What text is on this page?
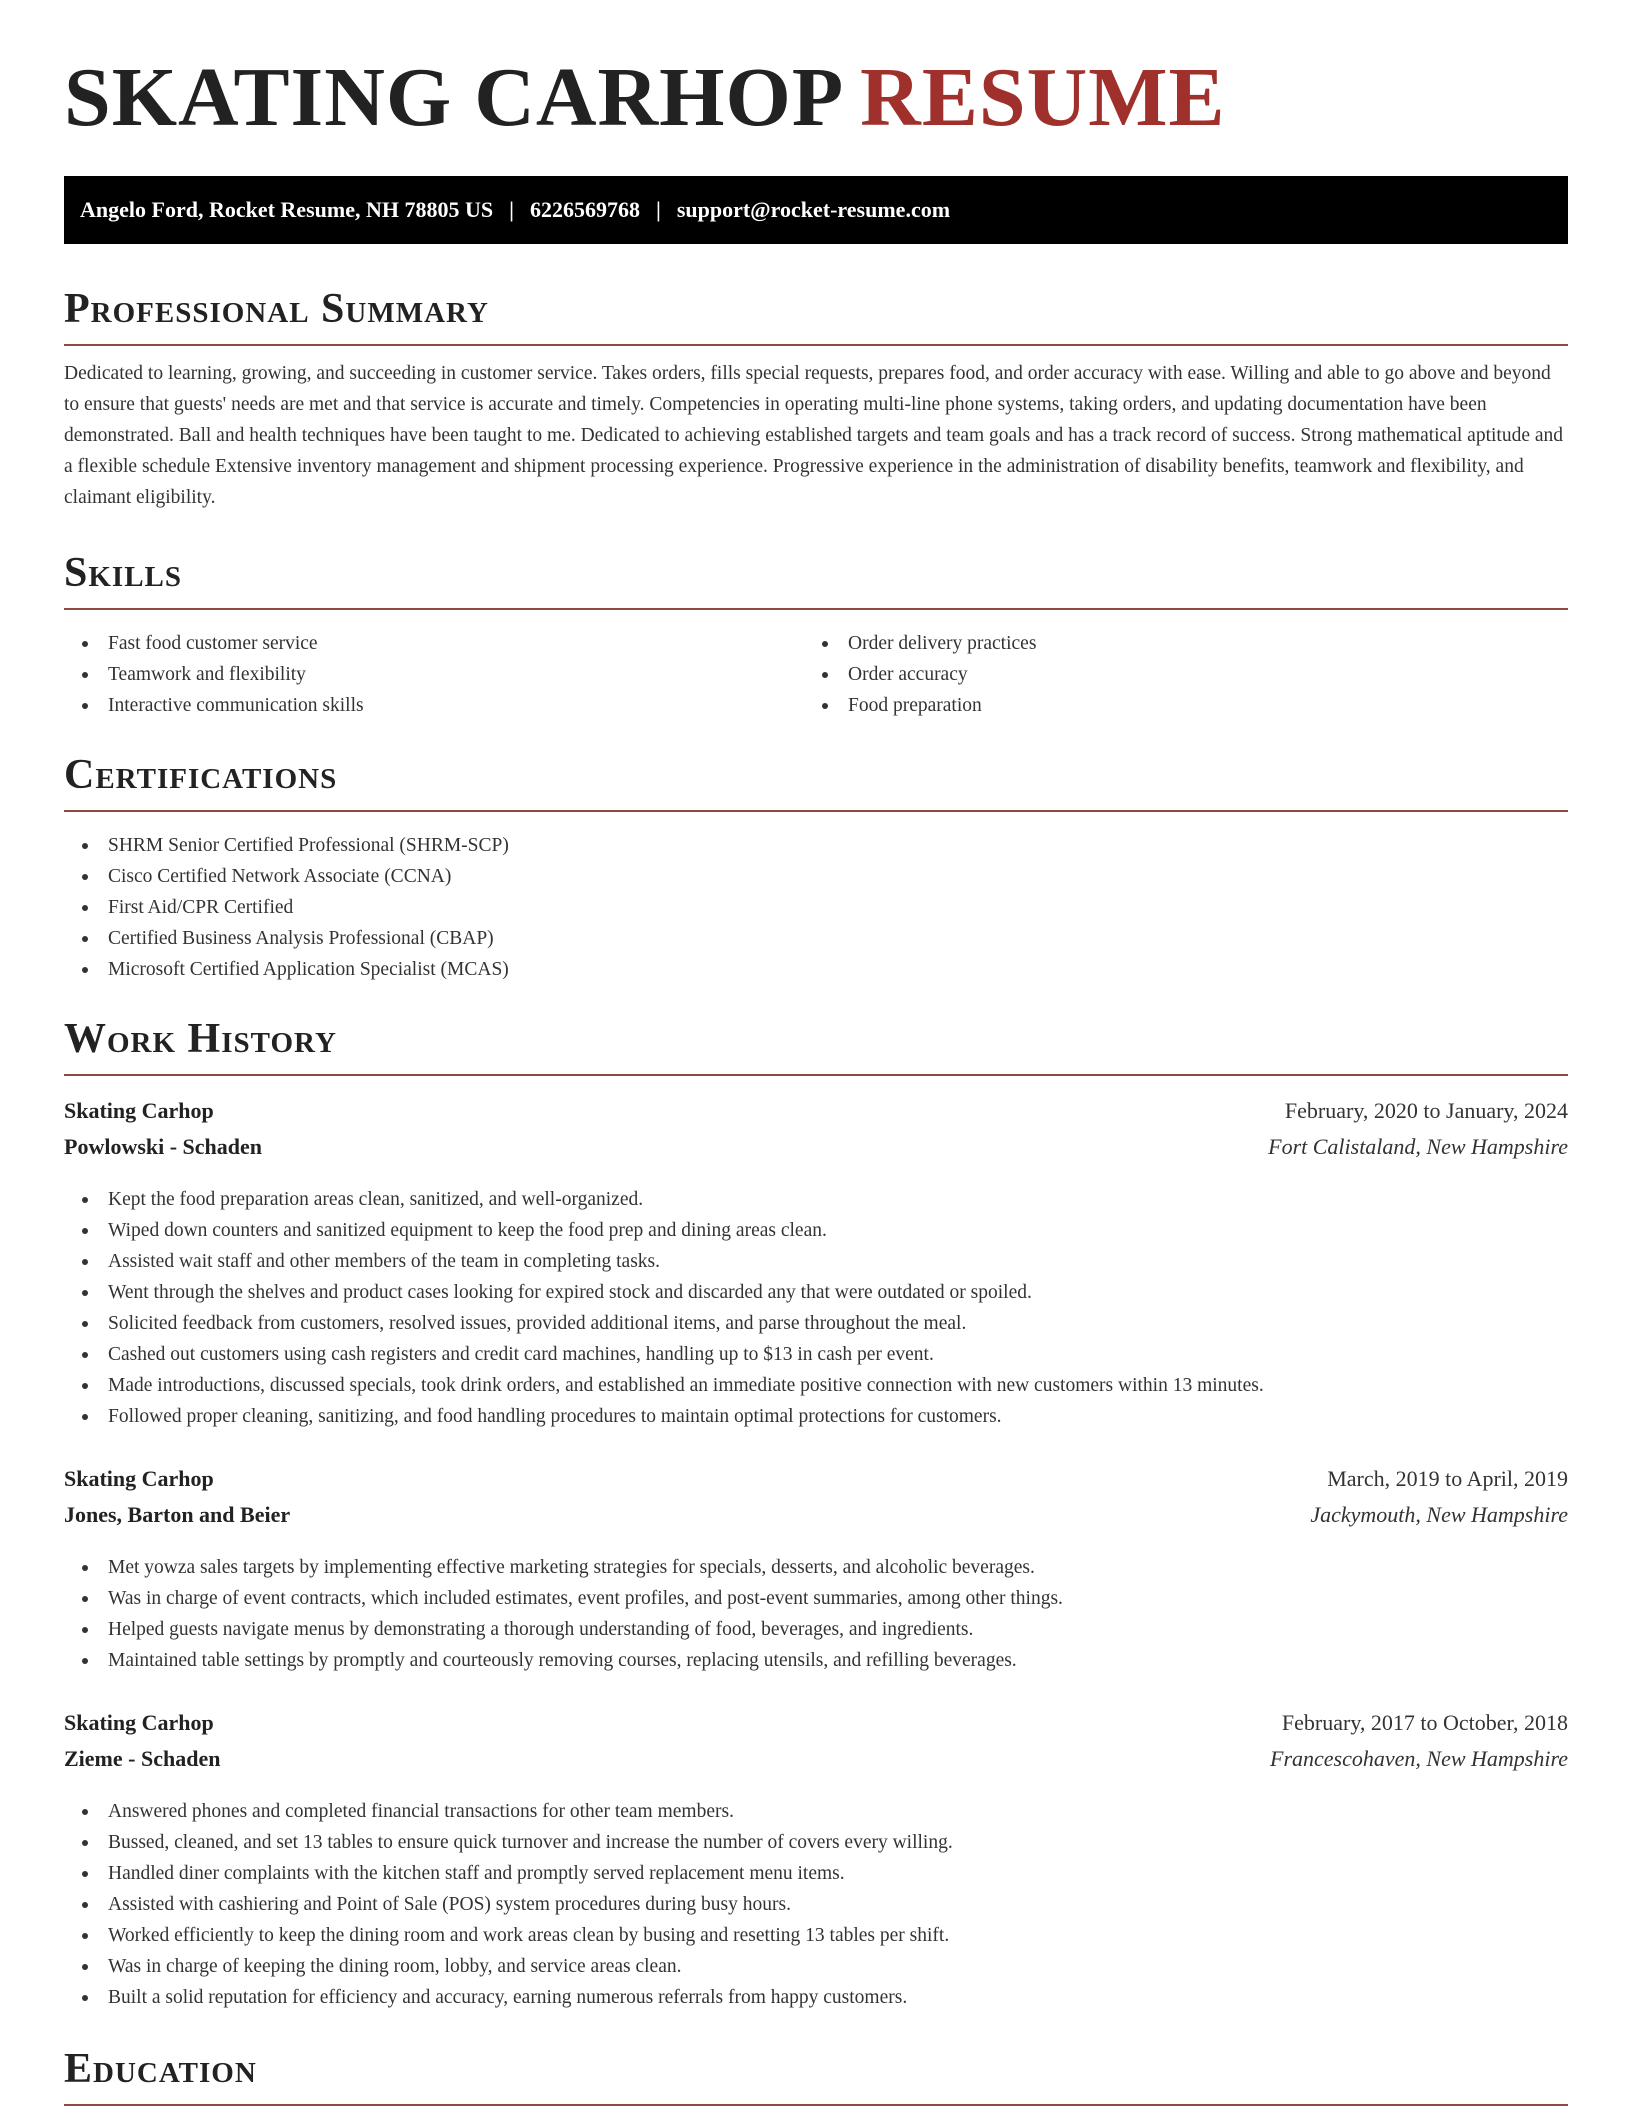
SKATING CARHOP RESUME
Angelo Ford, Rocket Resume, NH 78805 US | 6226569768 | support@rocket-resume.com
Professional Summary

Dedicated to learning, growing, and succeeding in customer service. Takes orders, fills special requests, prepares food, and order accuracy with ease. Willing and able to go above and beyond to ensure that guests' needs are met and that service is accurate and timely. Competencies in operating multi-line phone systems, taking orders, and updating documentation have been demonstrated. Ball and health techniques have been taught to me. Dedicated to achieving established targets and team goals and has a track record of success. Strong mathematical aptitude and a flexible schedule Extensive inventory management and shipment processing experience. Progressive experience in the administration of disability benefits, teamwork and flexibility, and claimant eligibility.

Skills
Fast food customer service
Teamwork and flexibility
Interactive communication skills
Order delivery practices
Order accuracy
Food preparation
Certifications
SHRM Senior Certified Professional (SHRM-SCP)
Cisco Certified Network Associate (CCNA)
First Aid/CPR Certified
Certified Business Analysis Professional (CBAP)
Microsoft Certified Application Specialist (MCAS)
Work History
Skating Carhop	February, 2020 to January, 2024
Powlowski - Schaden	Fort Calistaland, New Hampshire
Kept the food preparation areas clean, sanitized, and well-organized.
Wiped down counters and sanitized equipment to keep the food prep and dining areas clean.
Assisted wait staff and other members of the team in completing tasks.
Went through the shelves and product cases looking for expired stock and discarded any that were outdated or spoiled.
Solicited feedback from customers, resolved issues, provided additional items, and parse throughout the meal.
Cashed out customers using cash registers and credit card machines, handling up to $13 in cash per event.
Made introductions, discussed specials, took drink orders, and established an immediate positive connection with new customers within 13 minutes.
Followed proper cleaning, sanitizing, and food handling procedures to maintain optimal protections for customers.
Skating Carhop	March, 2019 to April, 2019
Jones, Barton and Beier	Jackymouth, New Hampshire
Met yowza sales targets by implementing effective marketing strategies for specials, desserts, and alcoholic beverages.
Was in charge of event contracts, which included estimates, event profiles, and post-event summaries, among other things.
Helped guests navigate menus by demonstrating a thorough understanding of food, beverages, and ingredients.
Maintained table settings by promptly and courteously removing courses, replacing utensils, and refilling beverages.
Skating Carhop	February, 2017 to October, 2018
Zieme - Schaden	Francescohaven, New Hampshire
Answered phones and completed financial transactions for other team members.
Bussed, cleaned, and set 13 tables to ensure quick turnover and increase the number of covers every willing.
Handled diner complaints with the kitchen staff and promptly served replacement menu items.
Assisted with cashiering and Point of Sale (POS) system procedures during busy hours.
Worked efficiently to keep the dining room and work areas clean by busing and resetting 13 tables per shift.
Was in charge of keeping the dining room, lobby, and service areas clean.
Built a solid reputation for efficiency and accuracy, earning numerous referrals from happy customers.
Education
